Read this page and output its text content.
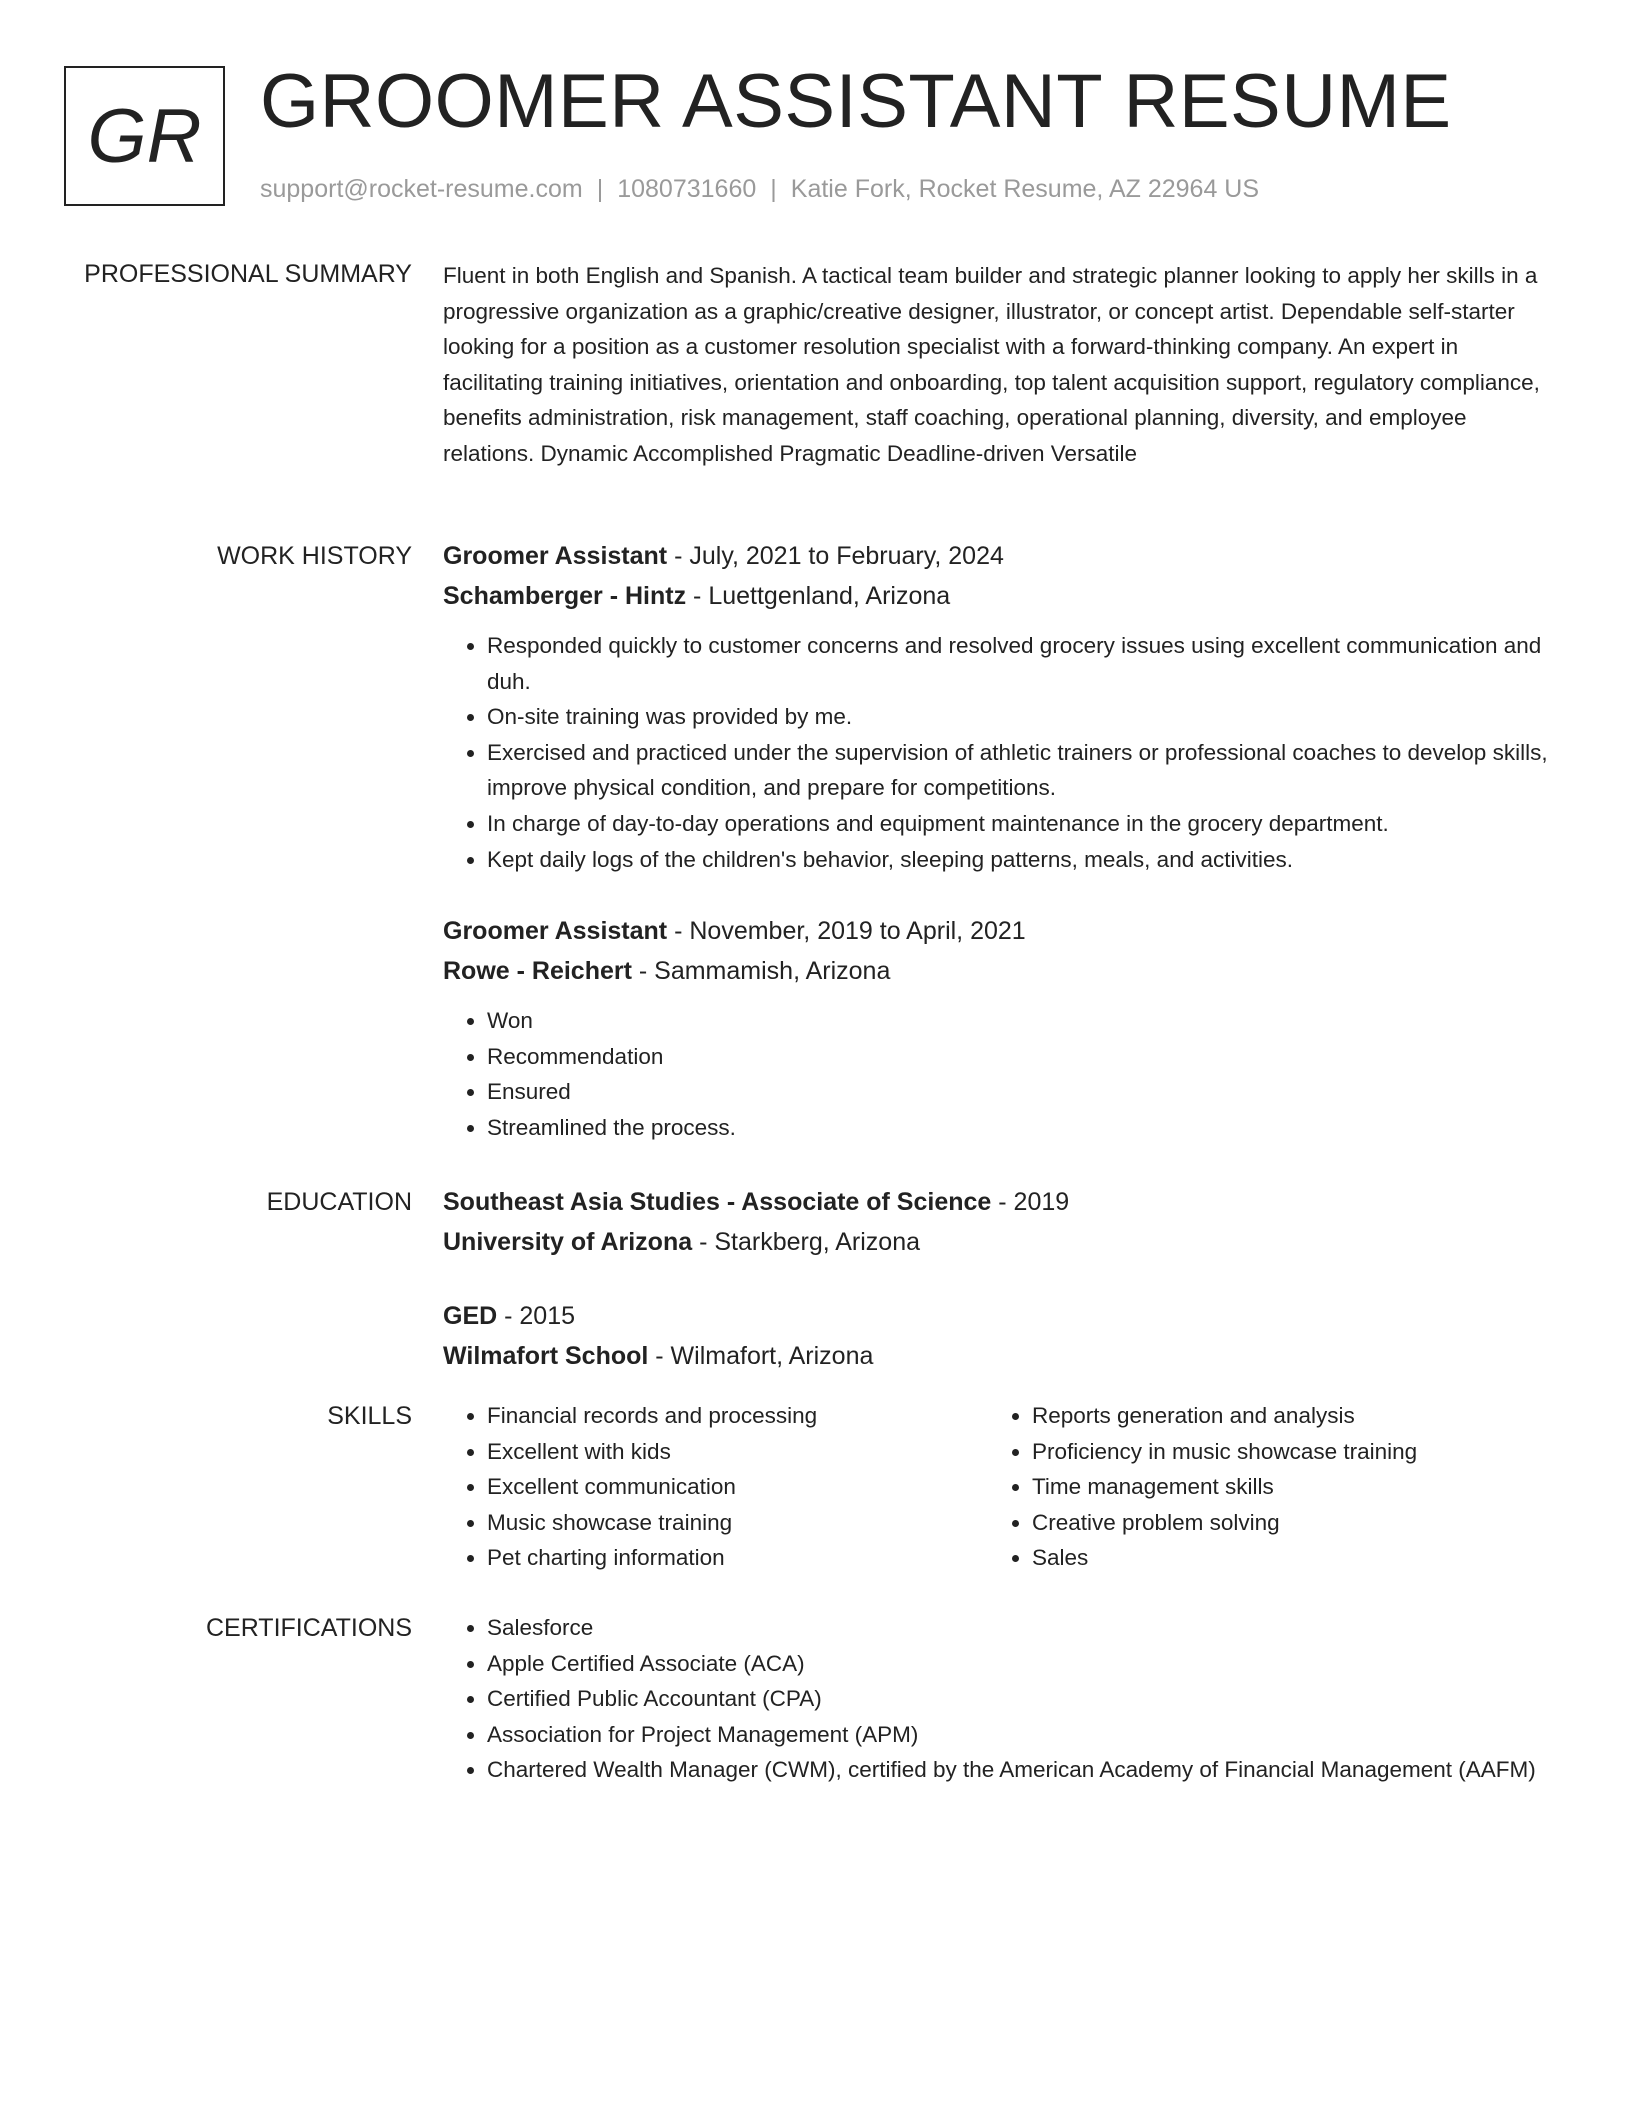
GR GROOMER ASSISTANT RESUME
support@rocket-resume.com | 1080731660 | Katie Fork, Rocket Resume, AZ 22964 US
PROFESSIONAL SUMMARY Fluent in both English and Spanish. A tactical team builder and strategic planner looking to apply her skills in a progressive organization as a graphic/creative designer, illustrator, or concept artist. Dependable self-starter looking for a position as a customer resolution specialist with a forward-thinking company. An expert in facilitating training initiatives, orientation and onboarding, top talent acquisition support, regulatory compliance, benefits administration, risk management, staff coaching, operational planning, diversity, and employee relations. Dynamic Accomplished Pragmatic Deadline-driven Versatile

WORK HISTORY Groomer Assistant - July, 2021 to February, 2024
Schamberger - Hintz - Luettgenland, Arizona
• Responded quickly to customer concerns and resolved grocery issues using excellent communication and duh.
• On-site training was provided by me.
• Exercised and practiced under the supervision of athletic trainers or professional coaches to develop skills, improve physical condition, and prepare for competitions.
• In charge of day-to-day operations and equipment maintenance in the grocery department.
• Kept daily logs of the children's behavior, sleeping patterns, meals, and activities.
Groomer Assistant - November, 2019 to April, 2021
Rowe - Reichert - Sammamish, Arizona
• Won
• Recommendation
• Ensured
• Streamlined the process.
EDUCATION Southeast Asia Studies - Associate of Science - 2019
University of Arizona - Starkberg, Arizona
GED - 2015
Wilmafort School - Wilmafort, Arizona
SKILLS	• Financial records and processing
• Excellent with kids
• Excellent communication
• Music showcase training
• Pet charting information
• Reports generation and analysis
• Proficiency in music showcase training
• Time management skills
• Creative problem solving
• Sales
CERTIFICATIONS	• Salesforce
• Apple Certified Associate (ACA)
• Certified Public Accountant (CPA)
• Association for Project Management (APM)
• Chartered Wealth Manager (CWM), certified by the American Academy of Financial Management (AAFM)
